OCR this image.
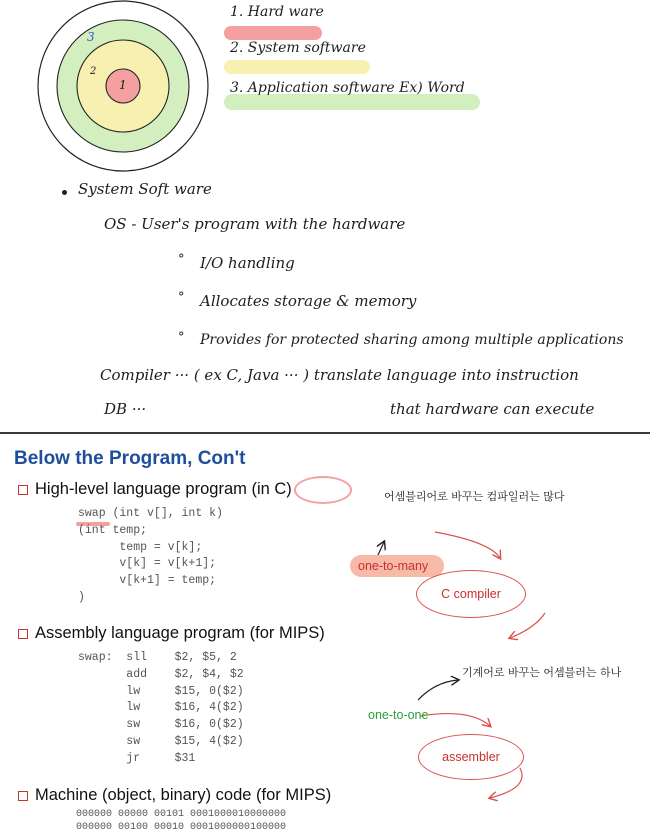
3
2
1
1. Hard ware
2. System software
3. Application software Ex) Word
System Soft ware
OS - User's program with the hardware
° I/O handling
° Allocates storage & memory
° Provides for protected sharing among multiple applications
Compiler ··· ( ex C, Java ··· ) translate language into instruction
DB ···	that hardware can execute
Below the Program, Con't
High-level language program (in C)
swap (int v[], int k)
(int temp;
temp = v[k];
v[k] = v[k+1];
v[k+1] = temp;
)
Assembly language program (for MIPS)
swap:  sll    $2, $5, 2
add    $2, $4, $2
lw     $15, 0($2)
lw     $16, 4($2)
sw     $16, 0($2)
sw     $15, 4($2)
jr     $31
Machine (object, binary) code (for MIPS)
000000 00000 00101 0001000010000000
000000 00100 00010 0001000000100000
one-to-many
C compiler
one-to-one
assembler
어셈블리어로 바꾸는 컴파일러는 많다
기계어로 바꾸는 어셈블러는 하나
